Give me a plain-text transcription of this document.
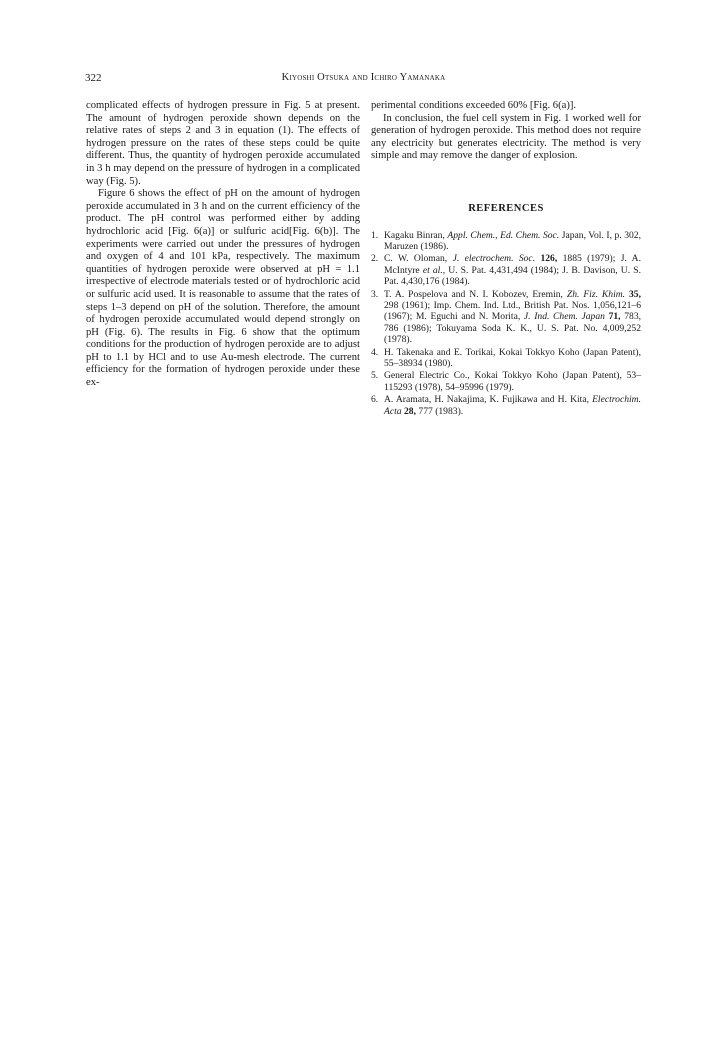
322	Kiyoshi Otsuka and Ichiro Yamanaka

complicated effects of hydrogen pressure in Fig. 5 at present. The amount of hydrogen peroxide shown depends on the relative rates of steps 2 and 3 in equation (1). The effects of hydrogen pressure on the rates of these steps could be quite different. Thus, the quantity of hydrogen peroxide accumulated in 3 h may depend on the pressure of hydrogen in a complicated way (Fig. 5).

Figure 6 shows the effect of pH on the amount of hydrogen peroxide accumulated in 3 h and on the current efficiency of the product. The pH control was performed either by adding hydrochloric acid [Fig. 6(a)] or sulfuric acid[Fig. 6(b)]. The experiments were carried out under the pressures of hydrogen and oxygen of 4 and 101 kPa, respectively. The maximum quantities of hydrogen peroxide were observed at pH = 1.1 irrespective of electrode materials tested or of hydrochloric acid or sulfuric acid used. It is reasonable to assume that the rates of steps 1–3 depend on pH of the solution. Therefore, the amount of hydrogen peroxide accumulated would depend strongly on pH (Fig. 6). The results in Fig. 6 show that the optimum conditions for the production of hydrogen peroxide are to adjust pH to 1.1 by HCl and to use Au-mesh electrode. The current efficiency for the formation of hydrogen peroxide under these ex-

perimental conditions exceeded 60% [Fig. 6(a)].

In conclusion, the fuel cell system in Fig. 1 worked well for generation of hydrogen peroxide. This method does not require any electricity but generates electricity. The method is very simple and may remove the danger of explosion.

REFERENCES
1. Kagaku Binran, Appl. Chem., Ed. Chem. Soc. Japan, Vol. I, p. 302, Maruzen (1986).
2. C. W. Oloman, J. electrochem. Soc. 126, 1885 (1979); J. A. McIntyre et al., U. S. Pat. 4,431,494 (1984); J. B. Davison, U. S. Pat. 4,430,176 (1984).
3. T. A. Pospelova and N. I. Kobozev, Eremin, Zh. Fiz. Khim. 35, 298 (1961); Imp. Chem. Ind. Ltd., British Pat. Nos. 1,056,121–6 (1967); M. Eguchi and N. Morita, J. Ind. Chem. Japan 71, 783, 786 (1986); Tokuyama Soda K. K., U. S. Pat. No. 4,009,252 (1978).
4. H. Takenaka and E. Torikai, Kokai Tokkyo Koho (Japan Patent), 55–38934 (1980).
5. General Electric Co., Kokai Tokkyo Koho (Japan Patent), 53–115293 (1978), 54–95996 (1979).
6. A. Aramata, H. Nakajima, K. Fujikawa and H. Kita, Electrochim. Acta 28, 777 (1983).
